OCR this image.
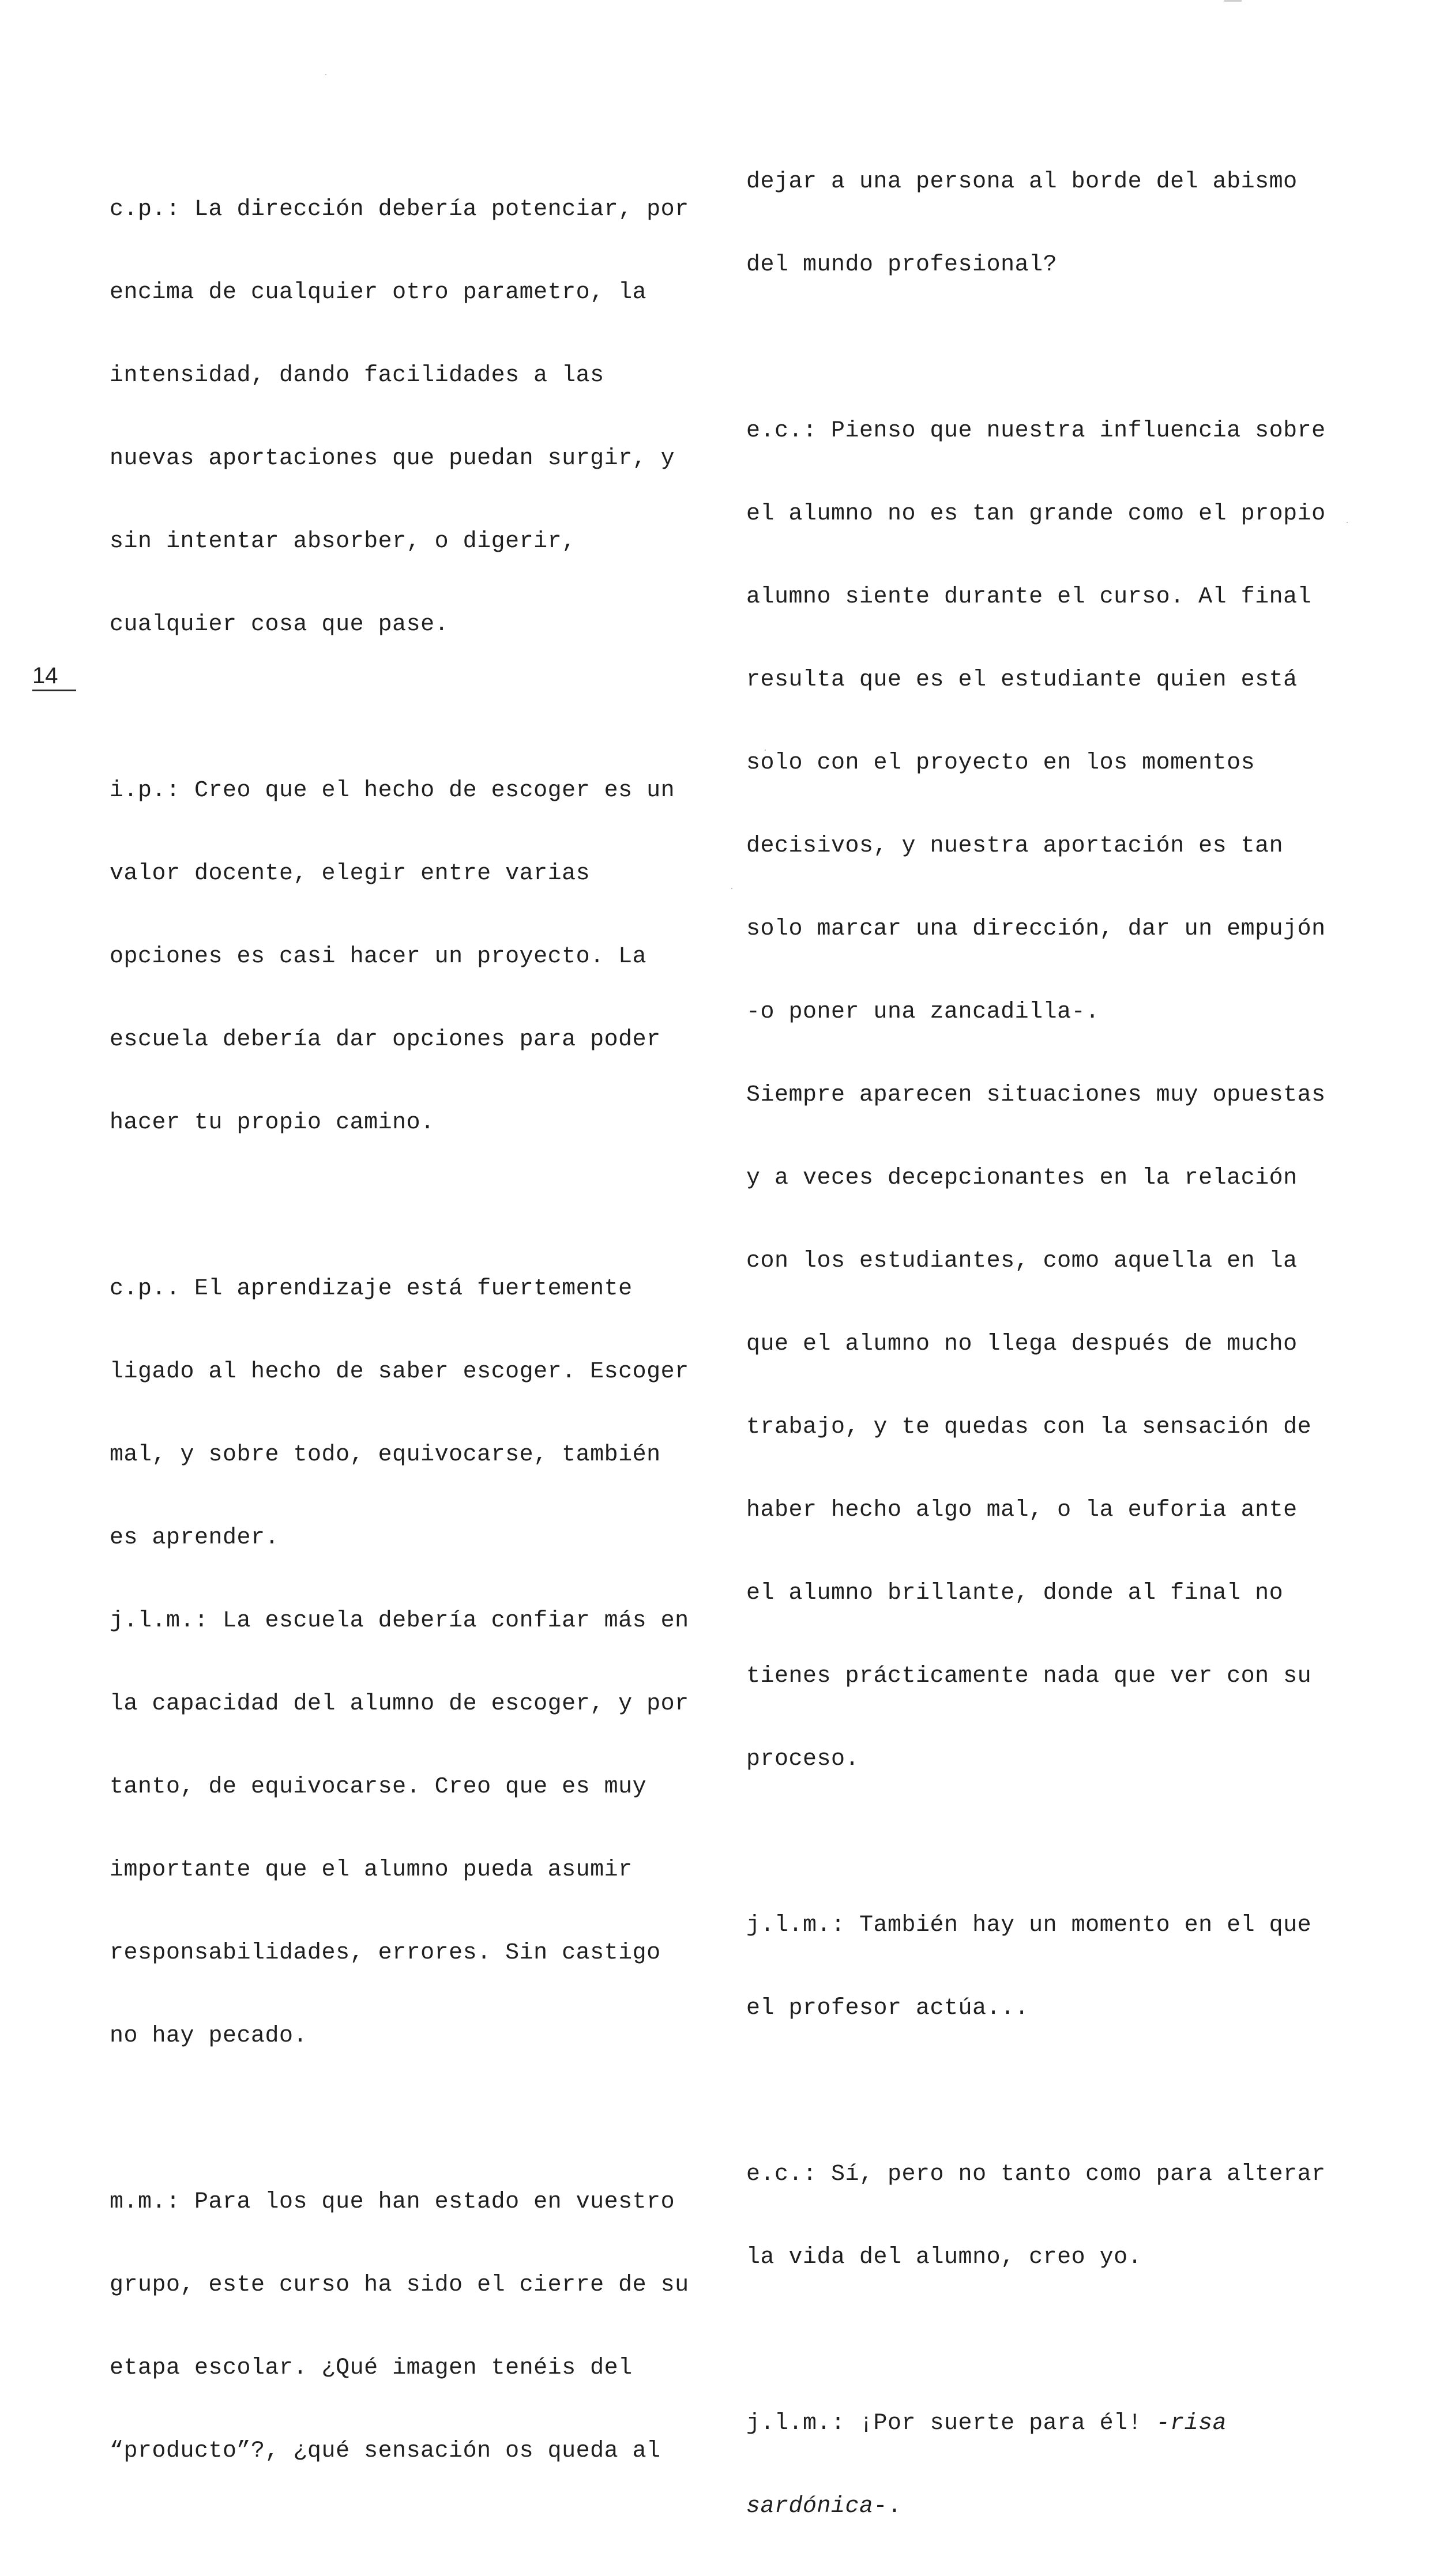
14

c.p.: La dirección debería potenciar, por

encima de cualquier otro parametro, la

intensidad, dando facilidades a las

nuevas aportaciones que puedan surgir, y

sin intentar absorber, o digerir,

cualquier cosa que pase.

i.p.: Creo que el hecho de escoger es un

valor docente, elegir entre varias

opciones es casi hacer un proyecto. La

escuela debería dar opciones para poder

hacer tu propio camino.

c.p.. El aprendizaje está fuertemente

ligado al hecho de saber escoger. Escoger

mal, y sobre todo, equivocarse, también

es aprender.

j.l.m.: La escuela debería confiar más en

la capacidad del alumno de escoger, y por

tanto, de equivocarse. Creo que es muy

importante que el alumno pueda asumir

responsabilidades, errores. Sin castigo

no hay pecado.

m.m.: Para los que han estado en vuestro

grupo, este curso ha sido el cierre de su

etapa escolar. ¿Qué imagen tenéis del

“producto”?, ¿qué sensación os queda al

dejar a una persona al borde del abismo

del mundo profesional?

e.c.: Pienso que nuestra influencia sobre

el alumno no es tan grande como el propio

alumno siente durante el curso. Al final

resulta que es el estudiante quien está

solo con el proyecto en los momentos

decisivos, y nuestra aportación es tan

solo marcar una dirección, dar un empujón

-o poner una zancadilla-.

Siempre aparecen situaciones muy opuestas

y a veces decepcionantes en la relación

con los estudiantes, como aquella en la

que el alumno no llega después de mucho

trabajo, y te quedas con la sensación de

haber hecho algo mal, o la euforia ante

el alumno brillante, donde al final no

tienes prácticamente nada que ver con su

proceso.

j.l.m.: También hay un momento en el que

el profesor actúa...

e.c.: Sí, pero no tanto como para alterar

la vida del alumno, creo yo.

j.l.m.: ¡Por suerte para él! -risa

sardónica-.
